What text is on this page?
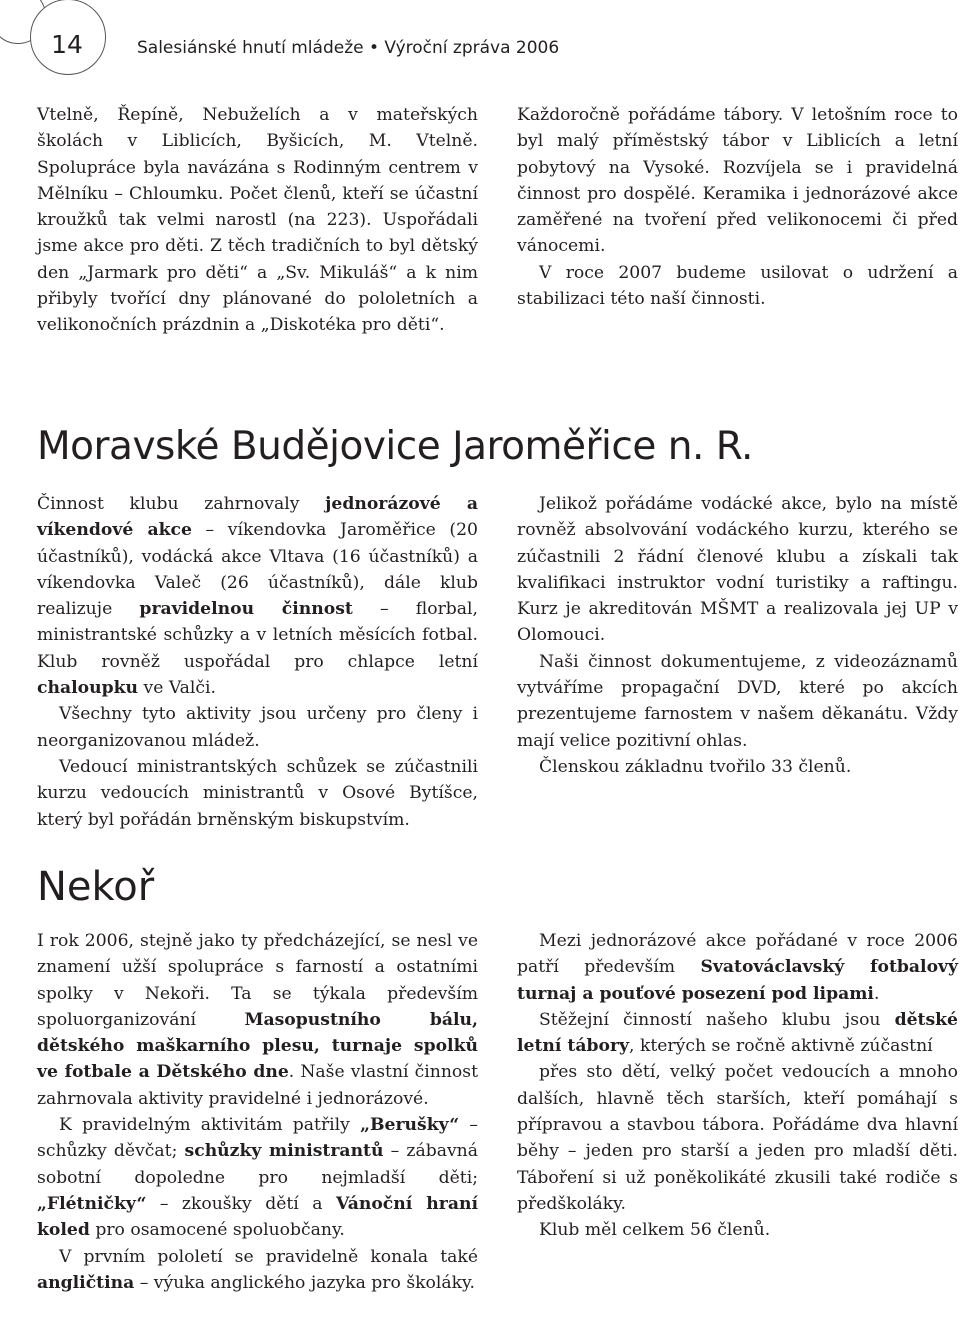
14	Salesiánské hnutí mládeže • Výroční zpráva 2006

Vtelně, Řepíně, Nebuželích a v mateřských školách v Liblicích, Byšicích, M. Vtelně. Spolupráce byla navázána s Rodinným centrem v Mělníku – Chloumku. Počet členů, kteří se účastní kroužků tak velmi narostl (na 223). Uspořádali jsme akce pro děti. Z těch tradičních to byl dětský den „Jarmark pro děti“ a „Sv. Mikuláš“ a k nim přibyly tvořící dny plánované do pololetních a velikonočních prázdnin a „Diskotéka pro děti“.

Každoročně pořádáme tábory. V letošním roce to byl malý příměstský tábor v Liblicích a letní pobytový na Vysoké. Rozvíjela se i pravidelná činnost pro dospělé. Keramika i jednorázové akce zaměřené na tvoření před velikonocemi či před vánocemi.

V roce 2007 budeme usilovat o udržení a stabilizaci této naší činnosti.

Moravské Budějovice Jaroměřice n. R.

Činnost klubu zahrnovaly jednorázové a víkendové akce – víkendovka Jaroměřice (20 účastníků), vodácká akce Vltava (16 účastníků) a víkendovka Valeč (26 účastníků), dále klub realizuje pravidelnou činnost – florbal, ministrantské schůzky a v letních měsících fotbal. Klub rovněž uspořádal pro chlapce letní chaloupku ve Valči.

Všechny tyto aktivity jsou určeny pro členy i neorganizovanou mládež.

Vedoucí ministrantských schůzek se zúčastnili kurzu vedoucích ministrantů v Osové Bytíšce, který byl pořádán brněnským biskupstvím.

Jelikož pořádáme vodácké akce, bylo na místě rovněž absolvování vodáckého kurzu, kterého se zúčastnili 2 řádní členové klubu a získali tak kvalifikaci instruktor vodní turistiky a raftingu. Kurz je akreditován MŠMT a realizovala jej UP v Olomouci.

Naši činnost dokumentujeme, z videozáznamů vytváříme propagační DVD, které po akcích prezentujeme farnostem v našem děkanátu. Vždy mají velice pozitivní ohlas.

Členskou základnu tvořilo 33 členů.

Nekoř

I rok 2006, stejně jako ty předcházející, se nesl ve znamení užší spolupráce s farností a ostatními spolky v Nekoři. Ta se týkala především spoluorganizování Masopustního bálu, dětského maškarního plesu, turnaje spolků ve fotbale a Dětského dne. Naše vlastní činnost zahrnovala aktivity pravidelné i jednorázové.

K pravidelným aktivitám patřily „Berušky“ – schůzky děvčat; schůzky ministrantů – zábavná sobotní dopoledne pro nejmladší děti; „Flétničky“ – zkoušky dětí a Vánoční hraní koled pro osamocené spoluobčany.

V prvním pololetí se pravidelně konala také angličtina – výuka anglického jazyka pro školáky.

Mezi jednorázové akce pořádané v roce 2006 patří především Svatováclavský fotbalový turnaj a pouťové posezení pod lipami.

Stěžejní činností našeho klubu jsou dětské letní tábory, kterých se ročně aktivně zúčastní

přes sto dětí, velký počet vedoucích a mnoho dalších, hlavně těch starších, kteří pomáhají s přípravou a stavbou tábora. Pořádáme dva hlavní běhy – jeden pro starší a jeden pro mladší děti. Táboření si už poněkolikáté zkusili také rodiče s předškoláky.

Klub měl celkem 56 členů.
